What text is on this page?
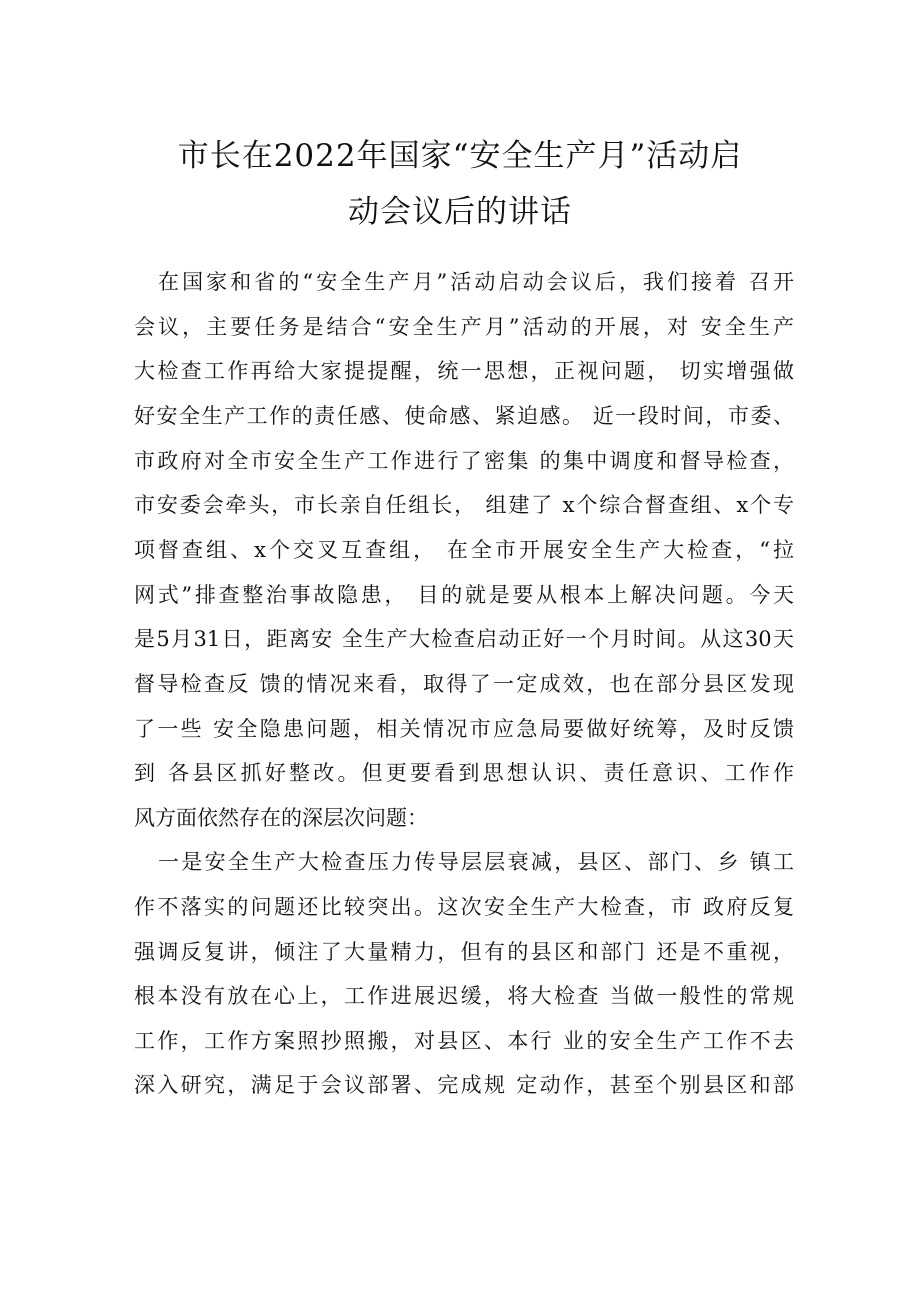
市长在2022年国家“安全生产月”活动启
动会议后的讲话
在国家和省的“安全生产月”活动启动会议后，我们接着 召开
会议，主要任务是结合“安全生产月”活动的开展，对 安全生产
大检查工作再给大家提提醒，统一思想，正视问题， 切实增强做
好安全生产工作的责任感、使命感、紧迫感。 近一段时间，市委、
市政府对全市安全生产工作进行了密集 的集中调度和督导检查，
市安委会牵头，市长亲自任组长， 组建了 x个综合督查组、x个专
项督查组、x个交叉互查组， 在全市开展安全生产大检查，“拉
网式”排查整治事故隐患， 目的就是要从根本上解决问题。今天
是5月31日，距离安 全生产大检查启动正好一个月时间。从这30天
督导检查反 馈的情况来看，取得了一定成效，也在部分县区发现
了一些 安全隐患问题，相关情况市应急局要做好统筹，及时反馈
到 各县区抓好整改。但更要看到思想认识、责任意识、工作作
风方面依然存在的深层次问题：
一是安全生产大检查压力传导层层衰减，县区、部门、乡 镇工
作不落实的问题还比较突出。这次安全生产大检查，市 政府反复
强调反复讲，倾注了大量精力，但有的县区和部门 还是不重视，
根本没有放在心上，工作进展迟缓，将大检查 当做一般性的常规
工作，工作方案照抄照搬，对县区、本行 业的安全生产工作不去
深入研究，满足于会议部署、完成规 定动作，甚至个别县区和部
